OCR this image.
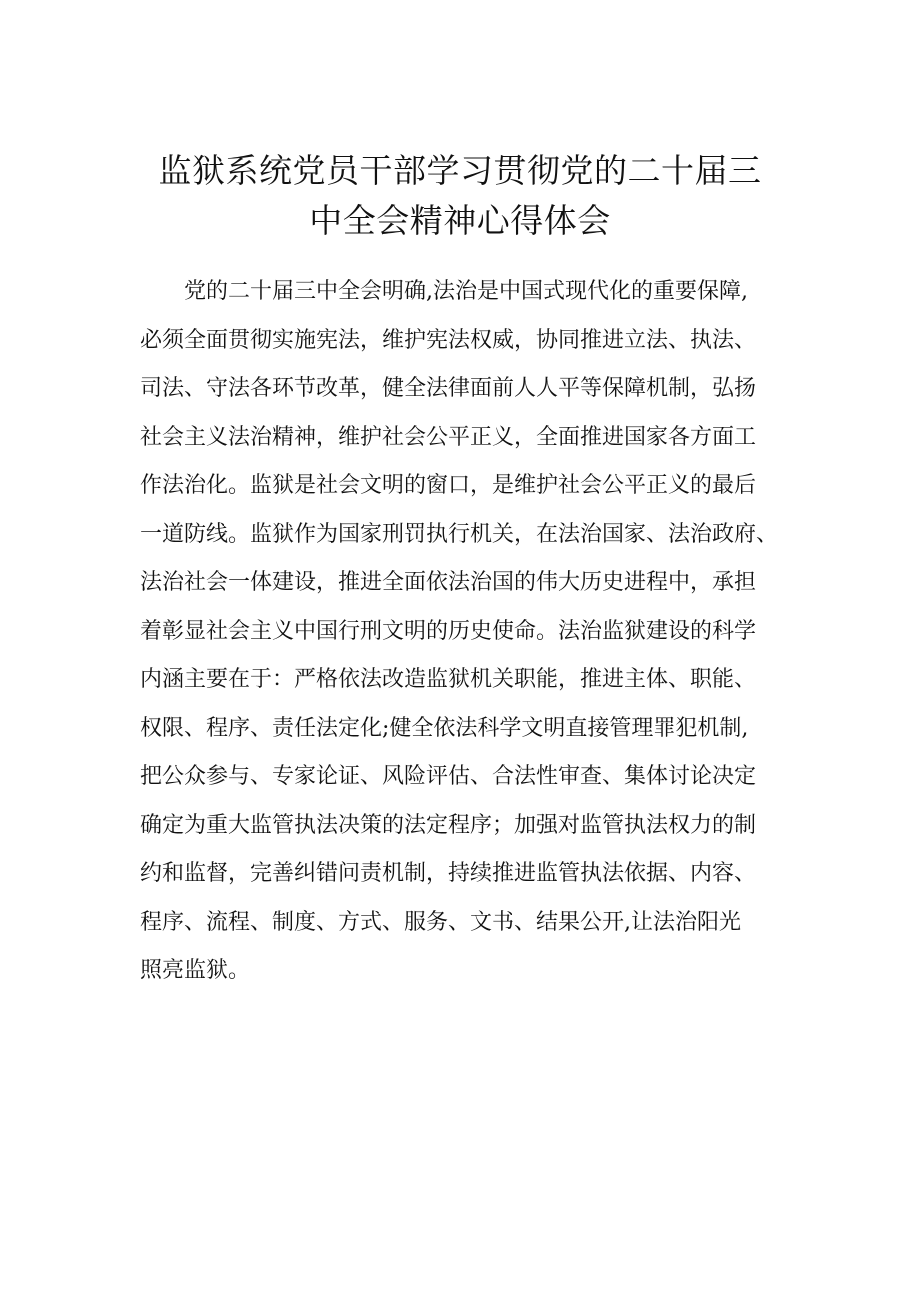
监狱系统党员干部学习贯彻党的二十届三
中全会精神心得体会
　　党的二十届三中全会明确,法治是中国式现代化的重要保障,
必须全面贯彻实施宪法，维护宪法权威，协同推进立法、执法、
司法、守法各环节改革，健全法律面前人人平等保障机制，弘扬
社会主义法治精神，维护社会公平正义，全面推进国家各方面工
作法治化。监狱是社会文明的窗口，是维护社会公平正义的最后
一道防线。监狱作为国家刑罚执行机关，在法治国家、法治政府、
法治社会一体建设，推进全面依法治国的伟大历史进程中，承担
着彰显社会主义中国行刑文明的历史使命。法治监狱建设的科学
内涵主要在于：严格依法改造监狱机关职能，推进主体、职能、
权限、程序、责任法定化;健全依法科学文明直接管理罪犯机制,
把公众参与、专家论证、风险评估、合法性审查、集体讨论决定
确定为重大监管执法决策的法定程序；加强对监管执法权力的制
约和监督，完善纠错问责机制，持续推进监管执法依据、内容、
程序、流程、制度、方式、服务、文书、结果公开,让法治阳光
照亮监狱。
